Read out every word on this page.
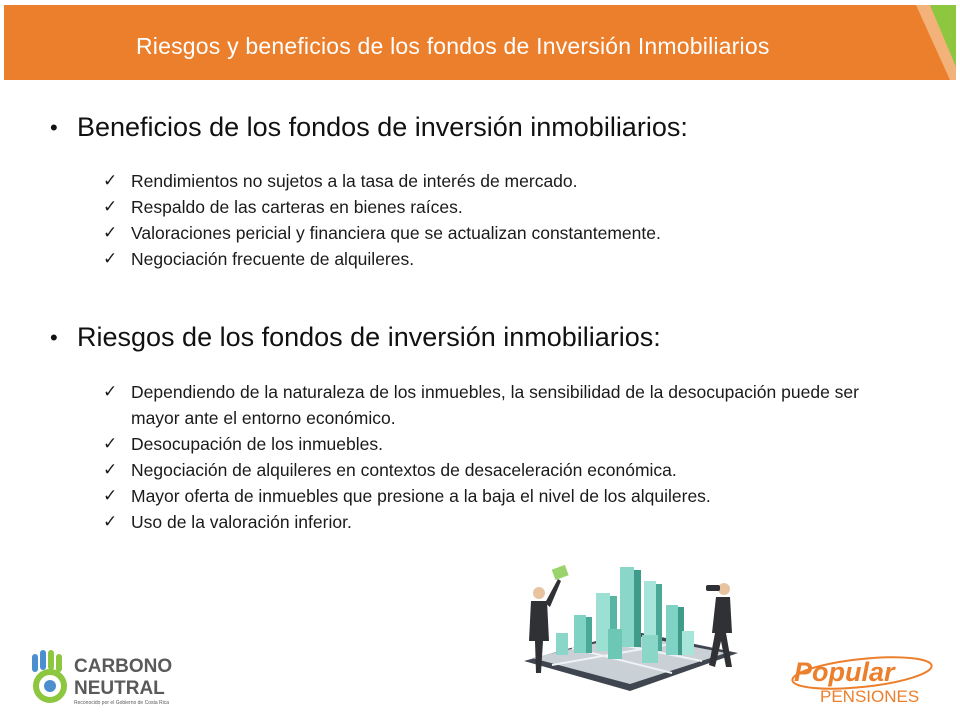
Riesgos y beneficios de los fondos de Inversión Inmobiliarios
• Beneficios de los fondos de inversión inmobiliarios:
✓ Rendimientos no sujetos a la tasa de interés de mercado.
✓ Respaldo de las carteras en bienes raíces.
✓ Valoraciones pericial y financiera que se actualizan constantemente.
✓ Negociación frecuente de alquileres.
• Riesgos de los fondos de inversión inmobiliarios:
✓ Dependiendo de la naturaleza de los inmuebles, la sensibilidad de la desocupación puede ser mayor ante el entorno económico.
✓ Desocupación de los inmuebles.
✓ Negociación de alquileres en contextos de desaceleración económica.
✓ Mayor oferta de inmuebles que presione a la baja el nivel de los alquileres.
✓ Uso de la valoración inferior.
CARBONO
NEUTRAL
Reconocido por el Gobierno de Costa Rica
Popular
PENSIONES
